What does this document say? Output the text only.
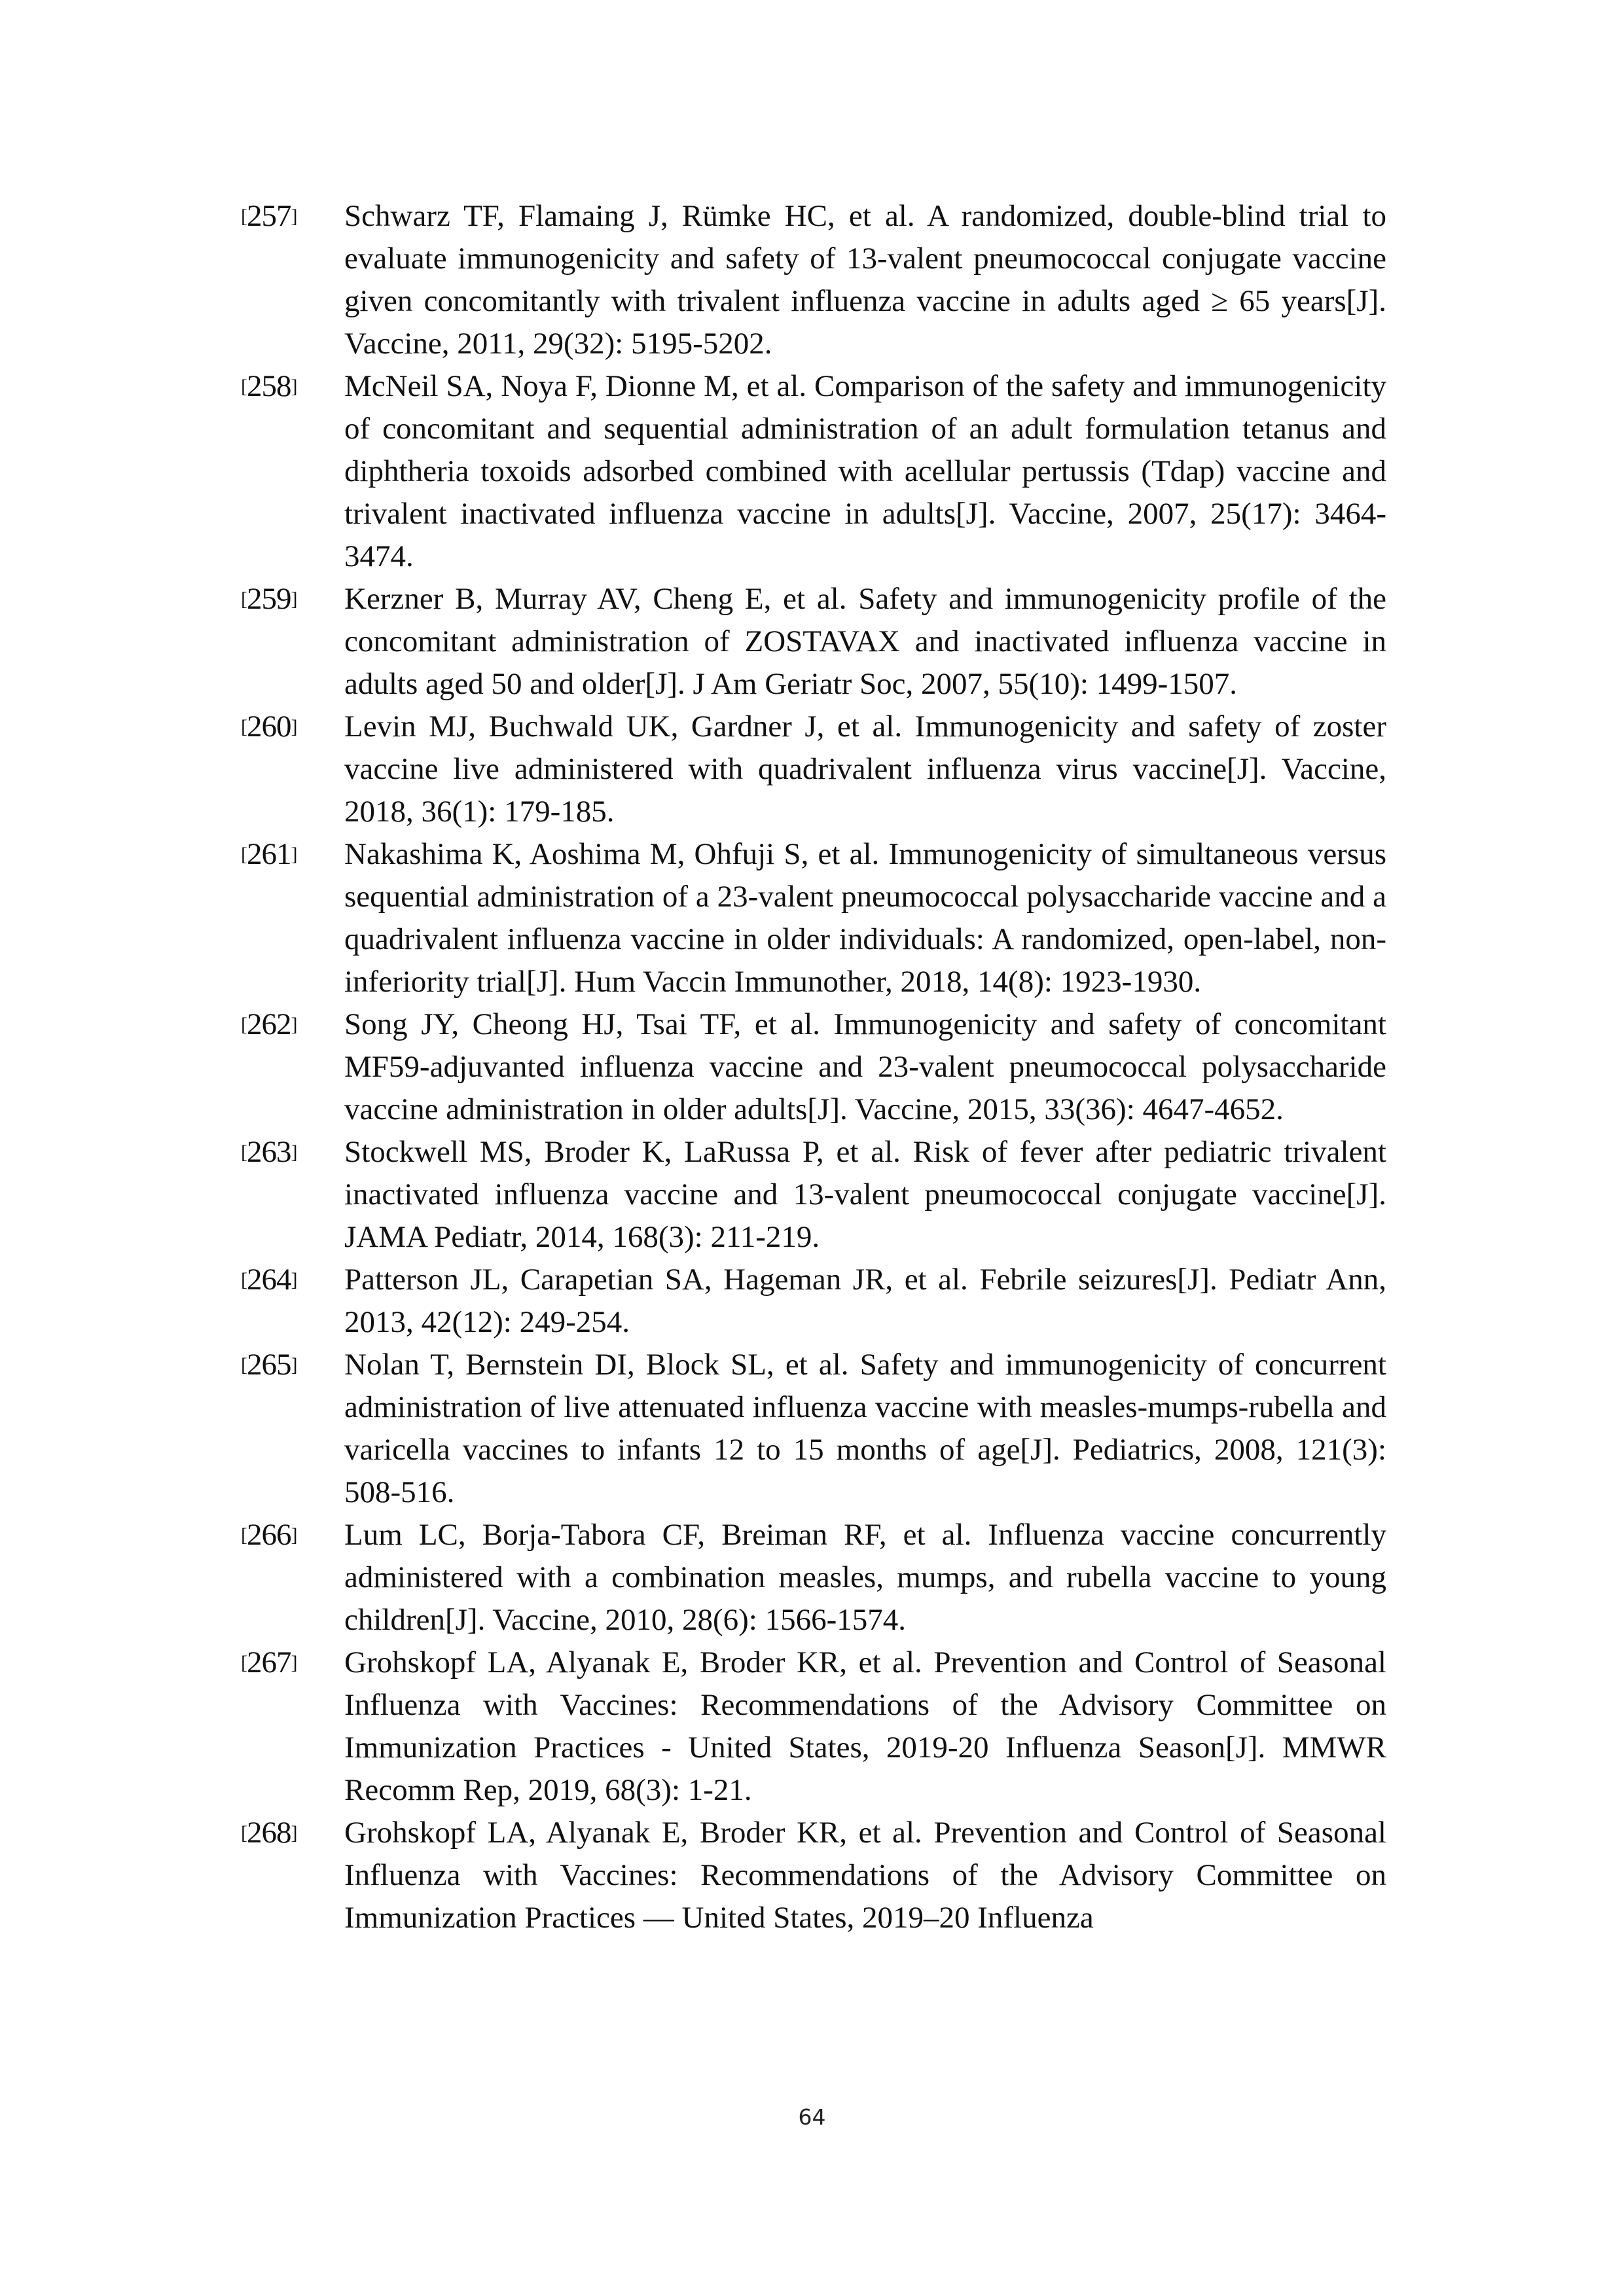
[257] Schwarz TF, Flamaing J, Rümke HC, et al. A randomized, double-blind trial to evaluate immunogenicity and safety of 13-valent pneumococcal conjugate vaccine given concomitantly with trivalent influenza vaccine in adults aged ≥ 65 years[J]. Vaccine, 2011, 29(32): 5195-5202.
[258] McNeil SA, Noya F, Dionne M, et al. Comparison of the safety and immunogenicity of concomitant and sequential administration of an adult formulation tetanus and diphtheria toxoids adsorbed combined with acellular pertussis (Tdap) vaccine and trivalent inactivated influenza vaccine in adults[J]. Vaccine, 2007, 25(17): 3464-3474.
[259] Kerzner B, Murray AV, Cheng E, et al. Safety and immunogenicity profile of the concomitant administration of ZOSTAVAX and inactivated influenza vaccine in adults aged 50 and older[J]. J Am Geriatr Soc, 2007, 55(10): 1499-1507.
[260] Levin MJ, Buchwald UK, Gardner J, et al. Immunogenicity and safety of zoster vaccine live administered with quadrivalent influenza virus vaccine[J]. Vaccine, 2018, 36(1): 179-185.
[261] Nakashima K, Aoshima M, Ohfuji S, et al. Immunogenicity of simultaneous versus sequential administration of a 23-valent pneumococcal polysaccharide vaccine and a quadrivalent influenza vaccine in older individuals: A randomized, open-label, non-inferiority trial[J]. Hum Vaccin Immunother, 2018, 14(8): 1923-1930.
[262] Song JY, Cheong HJ, Tsai TF, et al. Immunogenicity and safety of concomitant MF59-adjuvanted influenza vaccine and 23-valent pneumococcal polysaccharide vaccine administration in older adults[J]. Vaccine, 2015, 33(36): 4647-4652.
[263] Stockwell MS, Broder K, LaRussa P, et al. Risk of fever after pediatric trivalent inactivated influenza vaccine and 13-valent pneumococcal conjugate vaccine[J]. JAMA Pediatr, 2014, 168(3): 211-219.
[264] Patterson JL, Carapetian SA, Hageman JR, et al. Febrile seizures[J]. Pediatr Ann, 2013, 42(12): 249-254.
[265] Nolan T, Bernstein DI, Block SL, et al. Safety and immunogenicity of concurrent administration of live attenuated influenza vaccine with measles-mumps-rubella and varicella vaccines to infants 12 to 15 months of age[J]. Pediatrics, 2008, 121(3): 508-516.
[266] Lum LC, Borja-Tabora CF, Breiman RF, et al. Influenza vaccine concurrently administered with a combination measles, mumps, and rubella vaccine to young children[J]. Vaccine, 2010, 28(6): 1566-1574.
[267] Grohskopf LA, Alyanak E, Broder KR, et al. Prevention and Control of Seasonal Influenza with Vaccines: Recommendations of the Advisory Committee on Immunization Practices - United States, 2019-20 Influenza Season[J]. MMWR Recomm Rep, 2019, 68(3): 1-21.
[268] Grohskopf LA, Alyanak E, Broder KR, et al. Prevention and Control of Seasonal Influenza with Vaccines: Recommendations of the Advisory Committee on Immunization Practices — United States, 2019–20 Influenza
64
